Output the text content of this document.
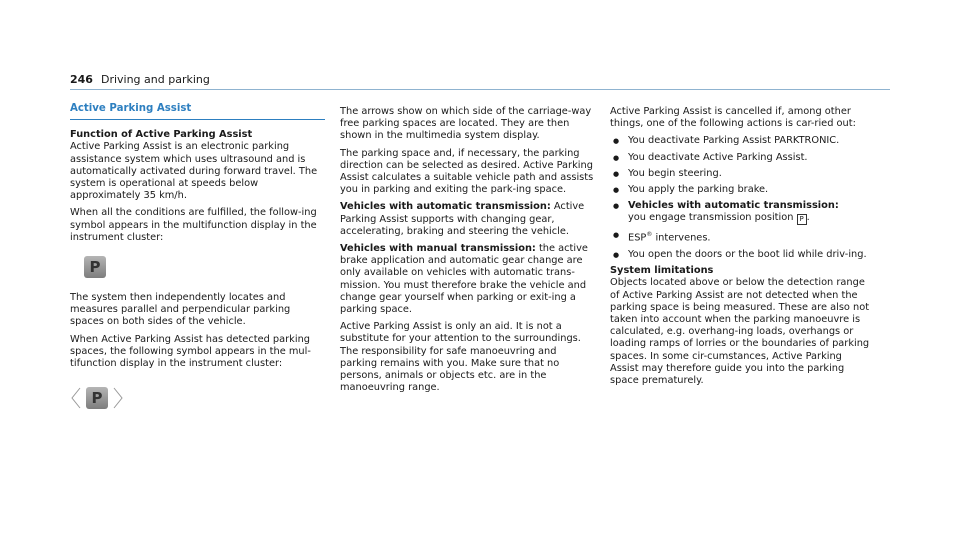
246 Driving and parking
Active Parking Assist
Function of Active Parking Assist

Active Parking Assist is an electronic parking assistance system which uses ultrasound and is automatically activated during forward travel. The system is operational at speeds below approximately 35 km/h.

When all the conditions are fulfilled, the follow-ing symbol appears in the multifunction display in the instrument cluster:

P

The system then independently locates and measures parallel and perpendicular parking spaces on both sides of the vehicle.

When Active Parking Assist has detected parking spaces, the following symbol appears in the mul-tifunction display in the instrument cluster:

P

The arrows show on which side of the carriage-way free parking spaces are located. They are then shown in the multimedia system display.

The parking space and, if necessary, the parking direction can be selected as desired. Active Parking Assist calculates a suitable vehicle path and assists you in parking and exiting the park-ing space.

Vehicles with automatic transmission: Active Parking Assist supports with changing gear, accelerating, braking and steering the vehicle.

Vehicles with manual transmission: the active brake application and automatic gear change are only available on vehicles with automatic trans-mission. You must therefore brake the vehicle and change gear yourself when parking or exit-ing a parking space.

Active Parking Assist is only an aid. It is not a substitute for your attention to the surroundings. The responsibility for safe manoeuvring and parking remains with you. Make sure that no persons, animals or objects etc. are in the manoeuvring range.

Active Parking Assist is cancelled if, among other things, one of the following actions is car-ried out:

● You deactivate Parking Assist PARKTRONIC.
● You deactivate Active Parking Assist.
● You begin steering.
● You apply the parking brake.
● Vehicles with automatic transmission:
you engage transmission position P .
● ESP® intervenes.
● You open the doors or the boot lid while driv-ing.
System limitations

Objects located above or below the detection range of Active Parking Assist are not detected when the parking space is being measured. These are also not taken into account when the parking manoeuvre is calculated, e.g. overhang-ing loads, overhangs or loading ramps of lorries or the boundaries of parking spaces. In some cir-cumstances, Active Parking Assist may therefore guide you into the parking space prematurely.
